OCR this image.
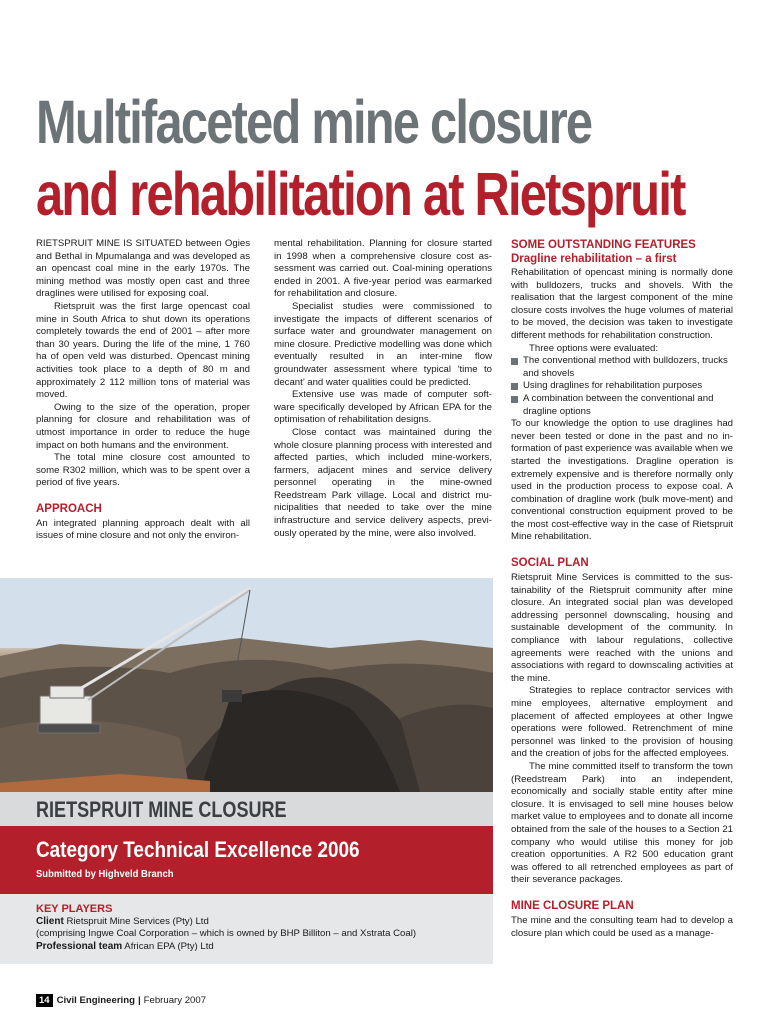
Multifaceted mine closure
and rehabilitation at Rietspruit

RIETSPRUIT MINE IS SITUATED between Ogies and Bethal in Mpumalanga and was developed as an opencast coal mine in the early 1970s. The mining method was mostly open cast and three draglines were utilised for exposing coal.

Rietspruit was the first large opencast coal mine in South Africa to shut down its operations completely towards the end of 2001 – after more than 30 years. During the life of the mine, 1 760 ha of open veld was disturbed. Opencast mining activities took place to a depth of 80 m and approximately 2 112 million tons of material was moved.

Owing to the size of the operation, proper planning for closure and rehabilitation was of utmost importance in order to reduce the huge impact on both humans and the environment.

The total mine closure cost amounted to some R302 million, which was to be spent over a period of five years.

APPROACH

An integrated planning approach dealt with all issues of mine closure and not only the environ-

mental rehabilitation. Planning for closure started in 1998 when a comprehensive closure cost as-sessment was carried out. Coal-mining operations ended in 2001. A five-year period was earmarked for rehabilitation and closure.

Specialist studies were commissioned to investigate the impacts of different scenarios of surface water and groundwater management on mine closure. Predictive modelling was done which eventually resulted in an inter-mine flow groundwater assessment where typical ‘time to decant’ and water qualities could be predicted.

Extensive use was made of computer soft-ware specifically developed by African EPA for the optimisation of rehabilitation designs.

Close contact was maintained during the whole closure planning process with interested and affected parties, which included mine-workers, farmers, adjacent mines and service delivery personnel operating in the mine-owned Reedstream Park village. Local and district mu-nicipalities that needed to take over the mine infrastructure and service delivery aspects, previ-ously operated by the mine, were also involved.

SOME OUTSTANDING FEATURES
Dragline rehabilitation – a first

Rehabilitation of opencast mining is normally done with bulldozers, trucks and shovels. With the realisation that the largest component of the mine closure costs involves the huge volumes of material to be moved, the decision was taken to investigate different methods for rehabilitation construction.

Three options were evaluated:

The conventional method with bulldozers, trucks and shovels
Using draglines for rehabilitation purposes
A combination between the conventional and dragline options

To our knowledge the option to use draglines had never been tested or done in the past and no in-formation of past experience was available when we started the investigations. Dragline operation is extremely expensive and is therefore normally only used in the production process to expose coal. A combination of dragline work (bulk move-ment) and conventional construction equipment proved to be the most cost-effective way in the case of Rietspruit Mine rehabilitation.

SOCIAL PLAN

Rietspruit Mine Services is committed to the sus-tainability of the Rietspruit community after mine closure. An integrated social plan was developed addressing personnel downscaling, housing and sustainable development of the community. In compliance with labour regulations, collective agreements were reached with the unions and associations with regard to downscaling activities at the mine.

Strategies to replace contractor services with mine employees, alternative employment and placement of affected employees at other Ingwe operations were followed. Retrenchment of mine personnel was linked to the provision of housing and the creation of jobs for the affected employees.

The mine committed itself to transform the town (Reedstream Park) into an independent, economically and socially stable entity after mine closure. It is envisaged to sell mine houses below market value to employees and to donate all income obtained from the sale of the houses to a Section 21 company who would utilise this money for job creation opportunities. A R2 500 education grant was offered to all retrenched employees as part of their severance packages.

MINE CLOSURE PLAN

The mine and the consulting team had to develop a closure plan which could be used as a manage-

RIETSPRUIT MINE CLOSURE
Category Technical Excellence 2006
Submitted by Highveld Branch
KEY PLAYERS
Client Rietspruit Mine Services (Pty) Ltd
(comprising Ingwe Coal Corporation – which is owned by BHP Billiton – and Xstrata Coal)
Professional team African EPA (Pty) Ltd
14 Civil Engineering | February 2007
